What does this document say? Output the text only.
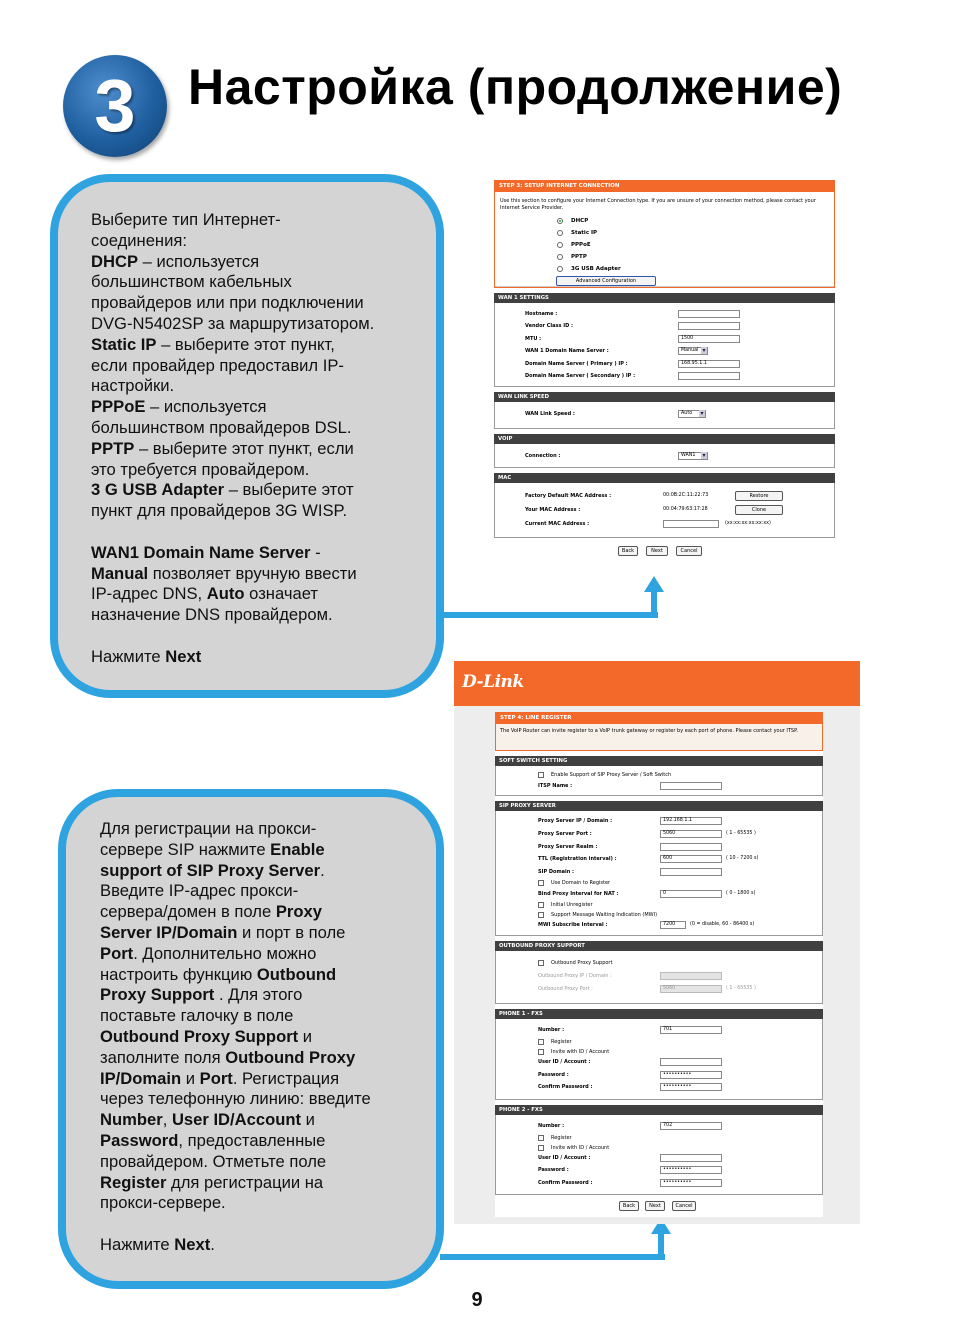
3	Настройка (продолжение)

Выберите тип Интернет-

соединения:

DHCP – используется

большинством кабельных

провайдеров или при подключении

DVG-N5402SP за маршрутизатором.

Static IP – выберите этот пункт,

если провайдер предоставил IP-

настройки.

PPPoE – используется

большинством провайдеров DSL.

PPTP – выберите этот пункт, если

это требуется провайдером.

3 G USB Adapter – выберите этот

пункт для провайдеров 3G WISP.

WAN1 Domain Name Server -

Manual позволяет вручную ввести

IP-адрес DNS, Auto означает

назначение DNS провайдером.

Нажмите Next

Для регистрации на прокси-

сервере SIP нажмите Enable

support of SIP Proxy Server.

Введите IP-адрес прокси-

сервера/домен в поле Proxy

Server IP/Domain и порт в поле

Port. Дополнительно можно

настроить функцию Outbound

Proxy Support . Для этого

поставьте галочку в поле

Outbound Proxy Support и

заполните поля Outbound Proxy

IP/Domain и Port. Регистрация

через телефонную линию: введите

Number, User ID/Account и

Password, предоставленные

провайдером. Отметьте поле

Register для регистрации на

прокси-сервере.

Нажмите Next.

STEP 3: SETUP INTERNET CONNECTION
Use this section to configure your Internet Connection type. If you are unsure of your connection method, please contact your Internet Service Provider.
DHCP
Static IP
PPPoE
PPTP
3G USB Adapter
Advanced Configuration
WAN 1 SETTINGS
Hostname :
Vendor Class ID :
MTU :	1500
WAN 1 Domain Name Server :	Manual ▾
Domain Name Server ( Primary ) IP :	168.95.1.1
Domain Name Server ( Secondary ) IP :
WAN LINK SPEED
WAN Link Speed :	Auto ▾
VOIP
Connection :	WAN1 ▾
MAC
Factory Default MAC Address :	00:0B:2C:11:22:73	Restore
Your MAC Address :	00:04:79:63:17:28	Clone
Current MAC Address :	(xx:xx:xx:xx:xx:xx)
Back	Next	Cancel
D-Link
STEP 4: LINE REGISTER
The VoIP Router can invite register to a VoIP trunk gateway or register by each port of phone. Please contact your ITSP.
SOFT SWITCH SETTING
Enable Support of SIP Proxy Server / Soft Switch
ITSP Name :
SIP PROXY SERVER
Proxy Server IP / Domain :	192.168.1.1
Proxy Server Port :	5060	( 1 - 65535 )
Proxy Server Realm :
TTL (Registration interval) :	600	( 10 - 7200 s)
SIP Domain :
Use Domain to Register
Bind Proxy Interval for NAT :	0	( 0 - 1800 s)
Initial Unregister
Support Message Waiting Indication (MWI)
MWI Subscribe Interval :	7200	(0 = disable, 60 - 86400 s)
OUTBOUND PROXY SUPPORT
Outbound Proxy Support
Outbound Proxy IP / Domain :
Outbound Proxy Port :	5060	( 1 - 65535 )
PHONE 1 - FXS
Number :	701
Register
Invite with ID / Account
User ID / Account :
Password :	••••••••••
Confirm Password :	••••••••••
PHONE 2 - FXS
Number :	702
Register
Invite with ID / Account
User ID / Account :
Password :	••••••••••
Confirm Password :	••••••••••
Back	Next	Cancel
9
